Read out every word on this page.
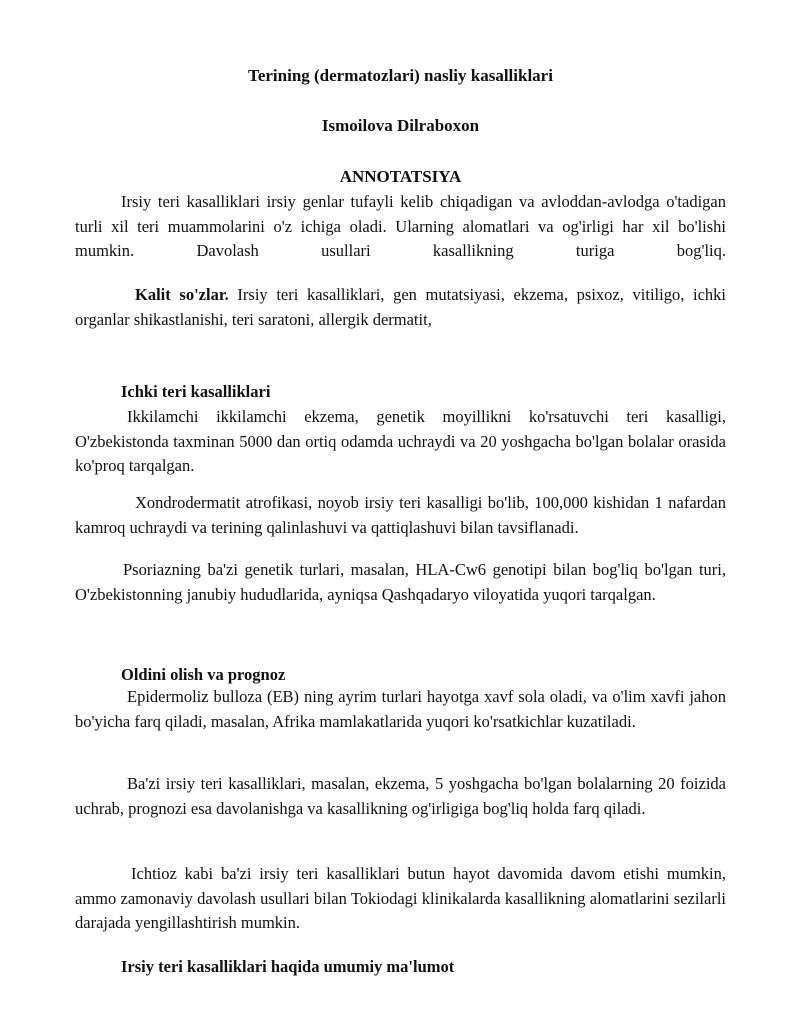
Terining (dermatozlari) nasliy kasalliklari
Ismoilova Dilraboxon
ANNOTATSIYA

Irsiy teri kasalliklari irsiy genlar tufayli kelib chiqadigan va avloddan-avlodga o'tadigan turli xil teri muammolarini o'z ichiga oladi. Ularning alomatlari va og'irligi har xil bo'lishi mumkin. Davolash usullari kasallikning turiga bog'liq.

Kalit so'zlar. Irsiy teri kasalliklari, gen mutatsiyasi, ekzema, psixoz, vitiligo, ichki organlar shikastlanishi, teri saratoni, allergik dermatit,

Ichki teri kasalliklari

Ikkilamchi ikkilamchi ekzema, genetik moyillikni ko'rsatuvchi teri kasalligi, O'zbekistonda taxminan 5000 dan ortiq odamda uchraydi va 20 yoshgacha bo'lgan bolalar orasida ko'proq tarqalgan.

Xondrodermatit atrofikasi, noyob irsiy teri kasalligi bo'lib, 100,000 kishidan 1 nafardan kamroq uchraydi va terining qalinlashuvi va qattiqlashuvi bilan tavsiflanadi.

Psoriazning ba'zi genetik turlari, masalan, HLA-Cw6 genotipi bilan bog'liq bo'lgan turi, O'zbekistonning janubiy hududlarida, ayniqsa Qashqadaryo viloyatida yuqori tarqalgan.

Oldini olish va prognoz

Epidermoliz bulloza (EB) ning ayrim turlari hayotga xavf sola oladi, va o'lim xavfi jahon bo'yicha farq qiladi, masalan, Afrika mamlakatlarida yuqori ko'rsatkichlar kuzatiladi.

Ba'zi irsiy teri kasalliklari, masalan, ekzema, 5 yoshgacha bo'lgan bolalarning 20 foizida uchrab, prognozi esa davolanishga va kasallikning og'irligiga bog'liq holda farq qiladi.

Ichtioz kabi ba'zi irsiy teri kasalliklari butun hayot davomida davom etishi mumkin, ammo zamonaviy davolash usullari bilan Tokiodagi klinikalarda kasallikning alomatlarini sezilarli darajada yengillashtirish mumkin.

Irsiy teri kasalliklari haqida umumiy ma'lumot
